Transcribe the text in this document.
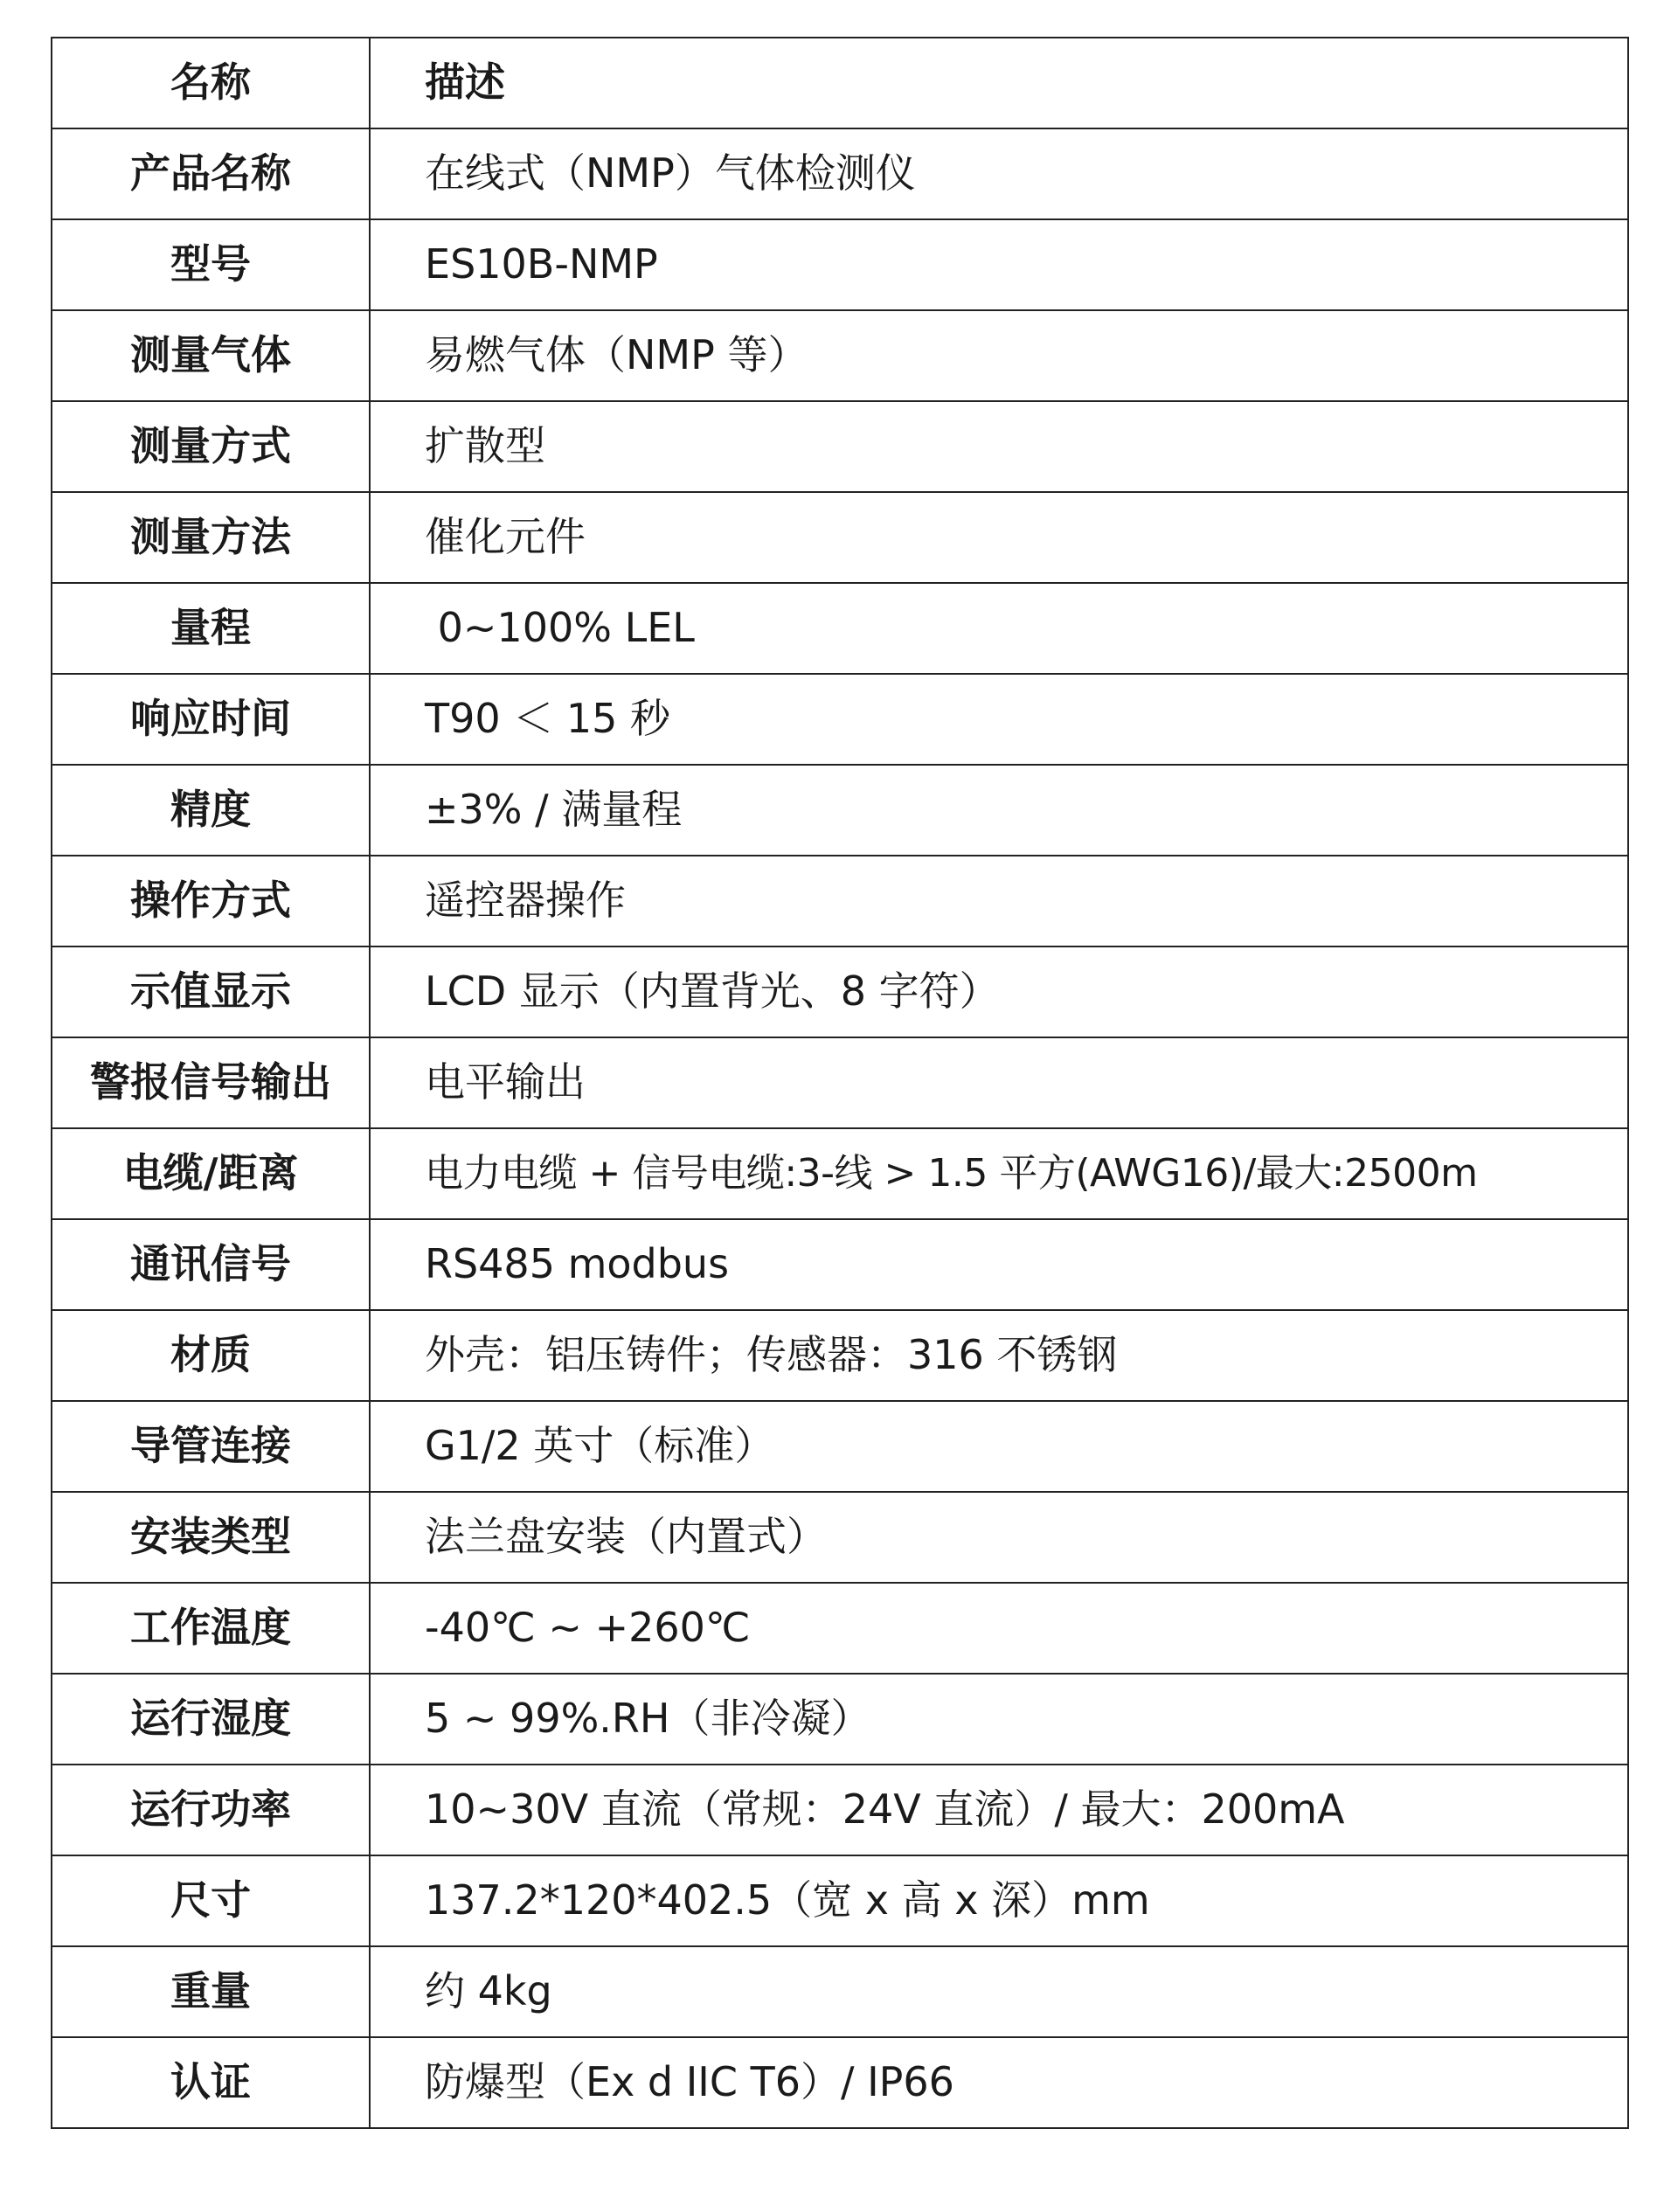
名称	描述
产品名称	在线式（NMP）气体检测仪
型号	ES10B-NMP
测量气体	易燃气体（NMP 等）
测量方式	扩散型
测量方法	催化元件
量程	0~100% LEL
响应时间	T90 ＜ 15 秒
精度	±3% / 满量程
操作方式	遥控器操作
示值显示	LCD 显示（内置背光、8 字符）
警报信号输出	电平输出
电缆/距离	电力电缆 + 信号电缆:3-线 > 1.5 平方(AWG16)/最大:2500m
通讯信号	RS485 modbus
材质	外壳：铝压铸件；传感器：316 不锈钢
导管连接	G1/2 英寸（标准）
安装类型	法兰盘安装（内置式）
工作温度	-40℃ ~ +260℃
运行湿度	5 ~ 99%.RH（非冷凝）
运行功率	10~30V 直流（常规：24V 直流）/ 最大：200mA
尺寸	137.2*120*402.5（宽 x 高 x 深）mm
重量	约 4kg
认证	防爆型（Ex d IIC T6）/ IP66
